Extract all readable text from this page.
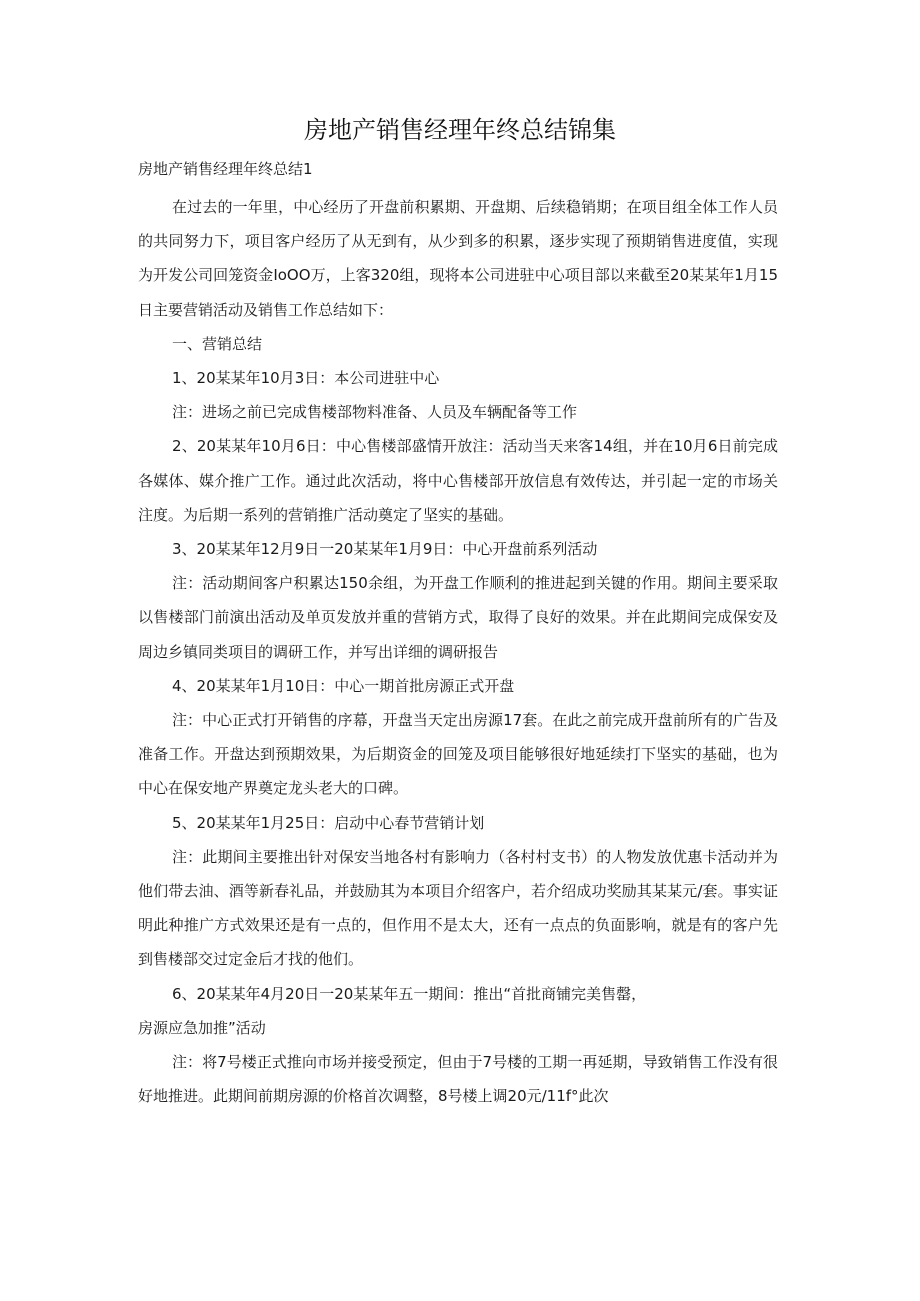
房地产销售经理年终总结锦集

房地产销售经理年终总结1

在过去的一年里，中心经历了开盘前积累期、开盘期、后续稳销期；在项目组全体工作人员的共同努力下，项目客户经历了从无到有，从少到多的积累，逐步实现了预期销售进度值，实现为开发公司回笼资金IoOO万，上客320组，现将本公司进驻中心项目部以来截至20某某年1月15日主要营销活动及销售工作总结如下：

一、营销总结

1、20某某年10月3日：本公司进驻中心

注：进场之前已完成售楼部物料准备、人员及车辆配备等工作

2、20某某年10月6日：中心售楼部盛情开放注：活动当天来客14组，并在10月6日前完成各媒体、媒介推广工作。通过此次活动，将中心售楼部开放信息有效传达，并引起一定的市场关注度。为后期一系列的营销推广活动奠定了坚实的基础。

3、20某某年12月9日一20某某年1月9日：中心开盘前系列活动

注：活动期间客户积累达150余组，为开盘工作顺利的推进起到关键的作用。期间主要采取以售楼部门前演出活动及单页发放并重的营销方式，取得了良好的效果。并在此期间完成保安及周边乡镇同类项目的调研工作，并写出详细的调研报告

4、20某某年1月10日：中心一期首批房源正式开盘

注：中心正式打开销售的序幕，开盘当天定出房源17套。在此之前完成开盘前所有的广告及准备工作。开盘达到预期效果，为后期资金的回笼及项目能够很好地延续打下坚实的基础，也为中心在保安地产界奠定龙头老大的口碑。

5、20某某年1月25日：启动中心春节营销计划

注：此期间主要推出针对保安当地各村有影响力（各村村支书）的人物发放优惠卡活动并为他们带去油、酒等新春礼品，并鼓励其为本项目介绍客户，若介绍成功奖励其某某元/套。事实证明此种推广方式效果还是有一点的，但作用不是太大，还有一点点的负面影响，就是有的客户先到售楼部交过定金后才找的他们。

6、20某某年4月20日一20某某年五一期间：推出“首批商铺完美售罄，

房源应急加推”活动

注：将7号楼正式推向市场并接受预定，但由于7号楼的工期一再延期，导致销售工作没有很好地推进。此期间前期房源的价格首次调整，8号楼上调20元∕11f°此次
